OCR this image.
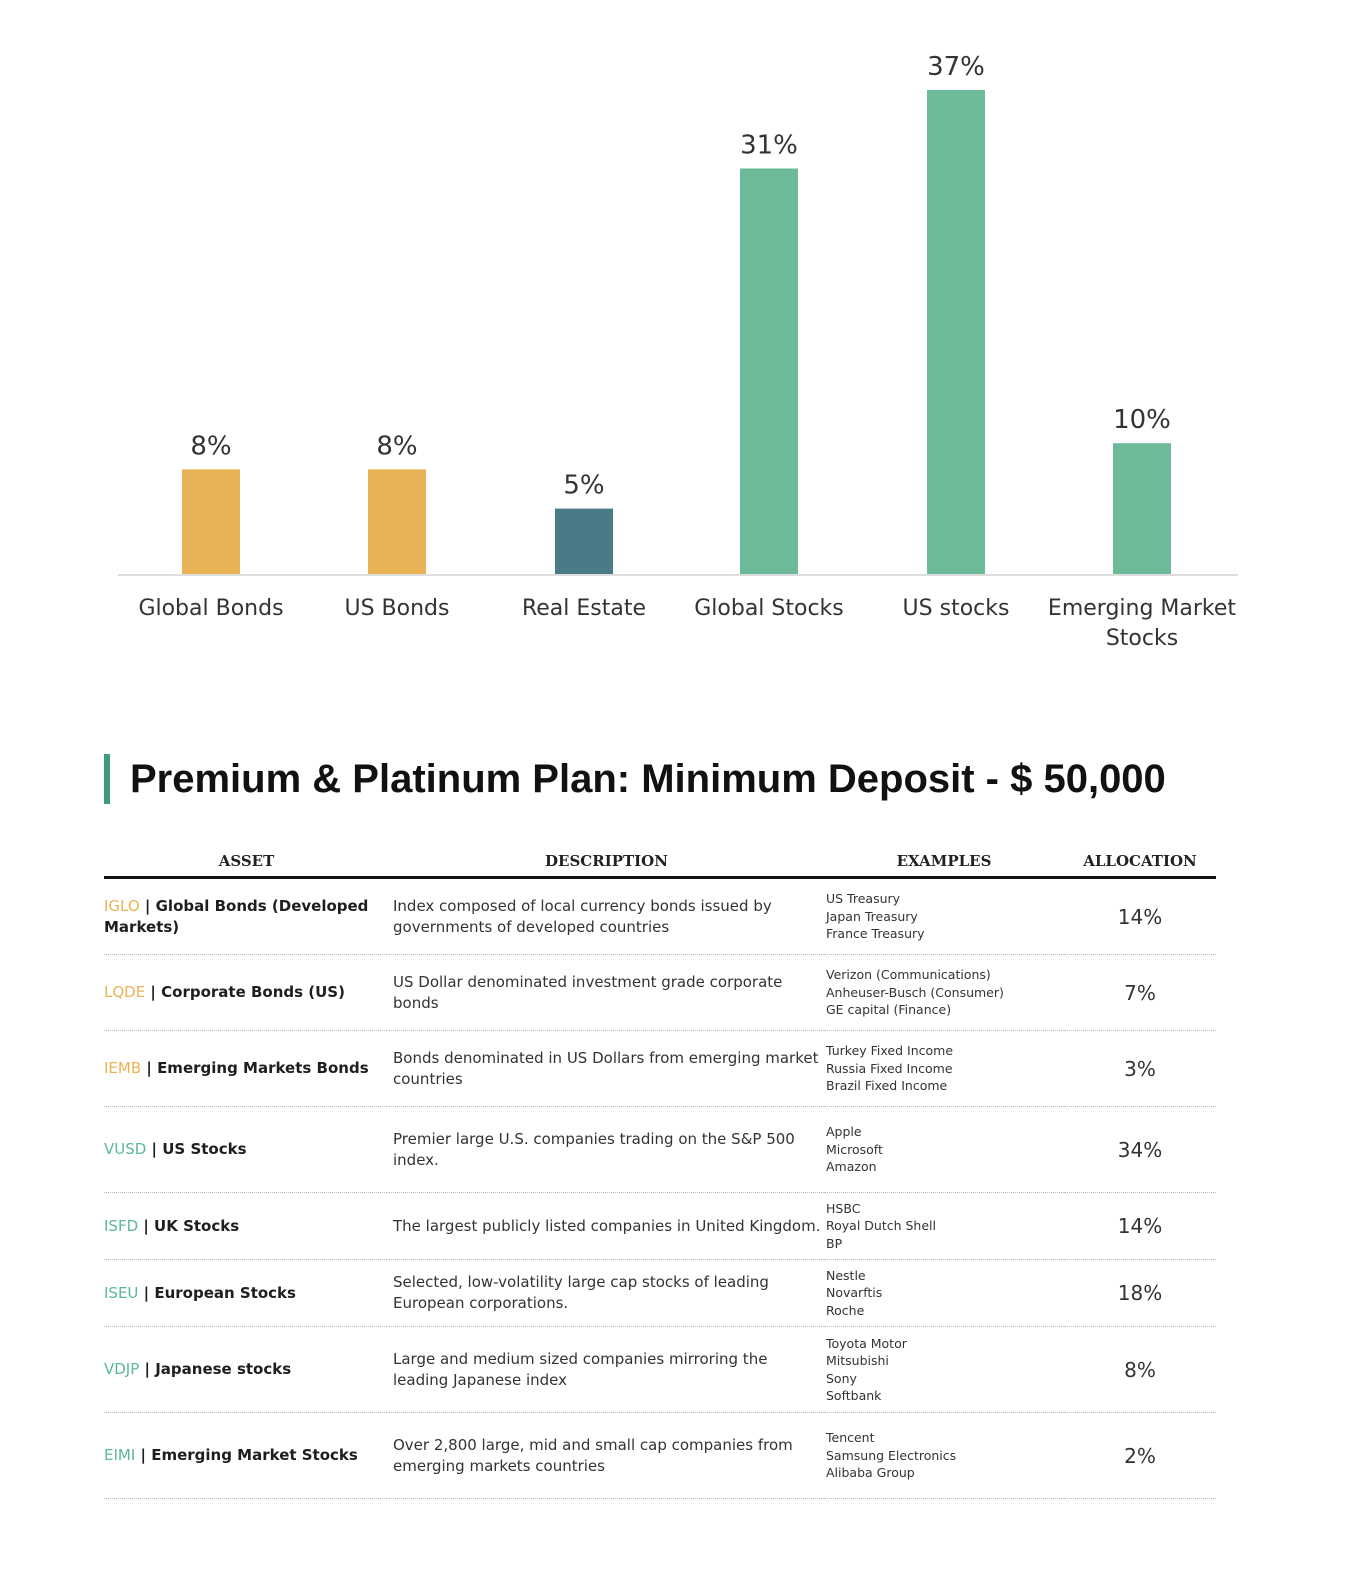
8%
Global Bonds
8%
US Bonds
5%
Real Estate
31%
Global Stocks
37%
US stocks
10%
Emerging Market Stocks
Premium & Platinum Plan: Minimum Deposit - $ 50,000
ASSET	DESCRIPTION	EXAMPLES	ALLOCATION
IGLO | Global Bonds (Developed Markets)	Index composed of local currency bonds issued by governments of developed countries	US Treasury
Japan Treasury
France Treasury	14%
LQDE | Corporate Bonds (US)	US Dollar denominated investment grade corporate bonds	Verizon (Communications)
Anheuser-Busch (Consumer)
GE capital (Finance)	7%
IEMB | Emerging Markets Bonds	Bonds denominated in US Dollars from emerging market countries	Turkey Fixed Income
Russia Fixed Income
Brazil Fixed Income	3%
VUSD | US Stocks	Premier large U.S. companies trading on the S&P 500 index.	Apple
Microsoft
Amazon	34%
ISFD | UK Stocks	The largest publicly listed companies in United Kingdom.	HSBC
Royal Dutch Shell
BP	14%
ISEU | European Stocks	Selected, low-volatility large cap stocks of leading European corporations.	Nestle
Novarftis
Roche	18%
VDJP | Japanese stocks	Large and medium sized companies mirroring the leading Japanese index	Toyota Motor
Mitsubishi
Sony
Softbank	8%
EIMI | Emerging Market Stocks	Over 2,800 large, mid and small cap companies from emerging markets countries	Tencent
Samsung Electronics
Alibaba Group	2%
